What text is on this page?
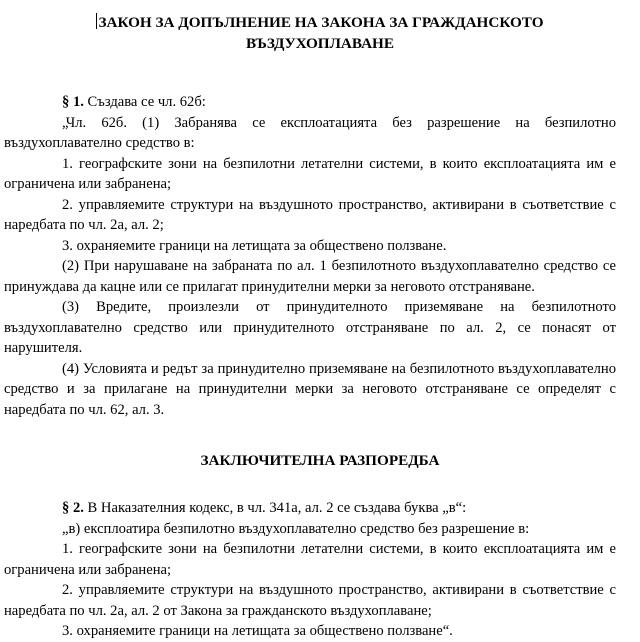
ЗАКОН ЗА ДОПЪЛНЕНИЕ НА ЗАКОНА ЗА ГРАЖДАНСКОТО
ВЪЗДУХОПЛАВАНЕ

§ 1. Създава се чл. 62б:

„Чл. 62б. (1) Забранява се експлоатацията без разрешение на безпилотно въздухоплавателно средство в:

1. географските зони на безпилотни летателни системи, в които експлоатацията им е ограничена или забранена;

2. управляемите структури на въздушното пространство, активирани в съответствие с наредбата по чл. 2а, ал. 2;

3. охраняемите граници на летищата за обществено ползване.

(2) При нарушаване на забраната по ал. 1 безпилотното въздухоплавателно средство се принуждава да кацне или се прилагат принудителни мерки за неговото отстраняване.

(3) Вредите, произлезли от принудителното приземяване на безпилотното въздухоплавателно средство или принудителното отстраняване по ал. 2, се понасят от нарушителя.

(4) Условията и редът за принудително приземяване на безпилотното въздухоплавателно средство и за прилагане на принудителни мерки за неговото отстраняване се определят с наредбата по чл. 62, ал. 3.

ЗАКЛЮЧИТЕЛНА РАЗПОРЕДБА

§ 2. В Наказателния кодекс, в чл. 341а, ал. 2 се създава буква „в“:

„в) експлоатира безпилотно въздухоплавателно средство без разрешение в:

1. географските зони на безпилотни летателни системи, в които експлоатацията им е ограничена или забранена;

2. управляемите структури на въздушното пространство, активирани в съответствие с наредбата по чл. 2а, ал. 2 от Закона за гражданското въздухоплаване;

3. охраняемите граници на летищата за обществено ползване“.
